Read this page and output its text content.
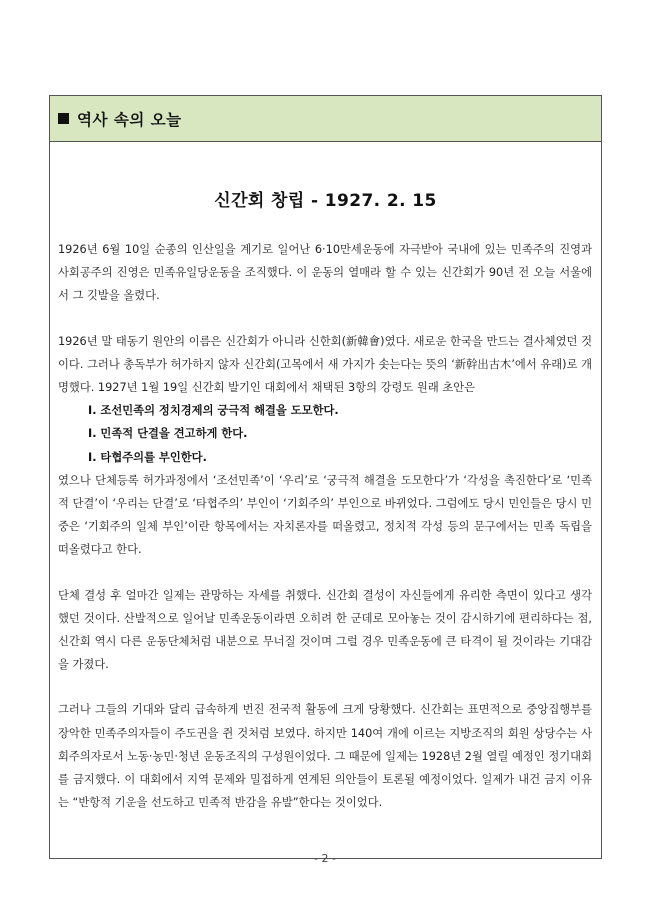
역사 속의 오늘
신간회 창립 - 1927. 2. 15

1926년 6월 10일 순종의 인산일을 계기로 일어난 6·10만세운동에 자극받아 국내에 있는 민족주의 진영과 사회공주의 진영은 민족유일당운동을 조직했다. 이 운동의 열매라 할 수 있는 신간회가 90년 전 오늘 서울에서 그 깃발을 올렸다.

1926년 말 태동기 원안의 이름은 신간회가 아니라 신한회(新韓會)였다. 새로운 한국을 만드는 결사체였던 것이다. 그러나 총독부가 허가하지 않자 신간회(고목에서 새 가지가 솟는다는 뜻의 ‘新幹出古木’에서 유래)로 개명했다. 1927년 1월 19일 신간회 발기인 대회에서 채택된 3항의 강령도 원래 초안은
Ⅰ. 조선민족의 정치경제의 궁극적 해결을 도모한다.
Ⅰ. 민족적 단결을 견고하게 한다.
Ⅰ. 타협주의를 부인한다.
였으나 단체등록 허가과정에서 ‘조선민족’이 ‘우리’로 ‘궁극적 해결을 도모한다’가 ‘각성을 촉진한다’로 ‘민족적 단결’이 ‘우리는 단결’로 ‘타협주의’ 부인이 ‘기회주의’ 부인으로 바뀌었다. 그럼에도 당시 민인들은 당시 민중은 ‘기회주의 일체 부인’이란 항목에서는 자치론자를 떠올렸고, 정치적 각성 등의 문구에서는 민족 독립을 떠올렸다고 한다.

단체 결성 후 얼마간 일제는 관망하는 자세를 취했다. 신간회 결성이 자신들에게 유리한 측면이 있다고 생각했던 것이다. 산발적으로 일어날 민족운동이라면 오히려 한 군데로 모아놓는 것이 감시하기에 편리하다는 점, 신간회 역시 다른 운동단체처럼 내분으로 무너질 것이며 그럴 경우 민족운동에 큰 타격이 될 것이라는 기대감을 가졌다.

그러나 그들의 기대와 달리 급속하게 번진 전국적 활동에 크게 당황했다. 신간회는 표면적으로 중앙집행부를 장악한 민족주의자들이 주도권을 쥔 것처럼 보였다. 하지만 140여 개에 이르는 지방조직의 회원 상당수는 사회주의자로서 노동·농민·청년 운동조직의 구성원이었다. 그 때문에 일제는 1928년 2월 열릴 예정인 정기대회를 금지했다. 이 대회에서 지역 문제와 밀접하게 연계된 의안들이 토론될 예정이었다. 일제가 내건 금지 이유는 “반항적 기운을 선도하고 민족적 반감을 유발”한다는 것이었다.

- 2 -
